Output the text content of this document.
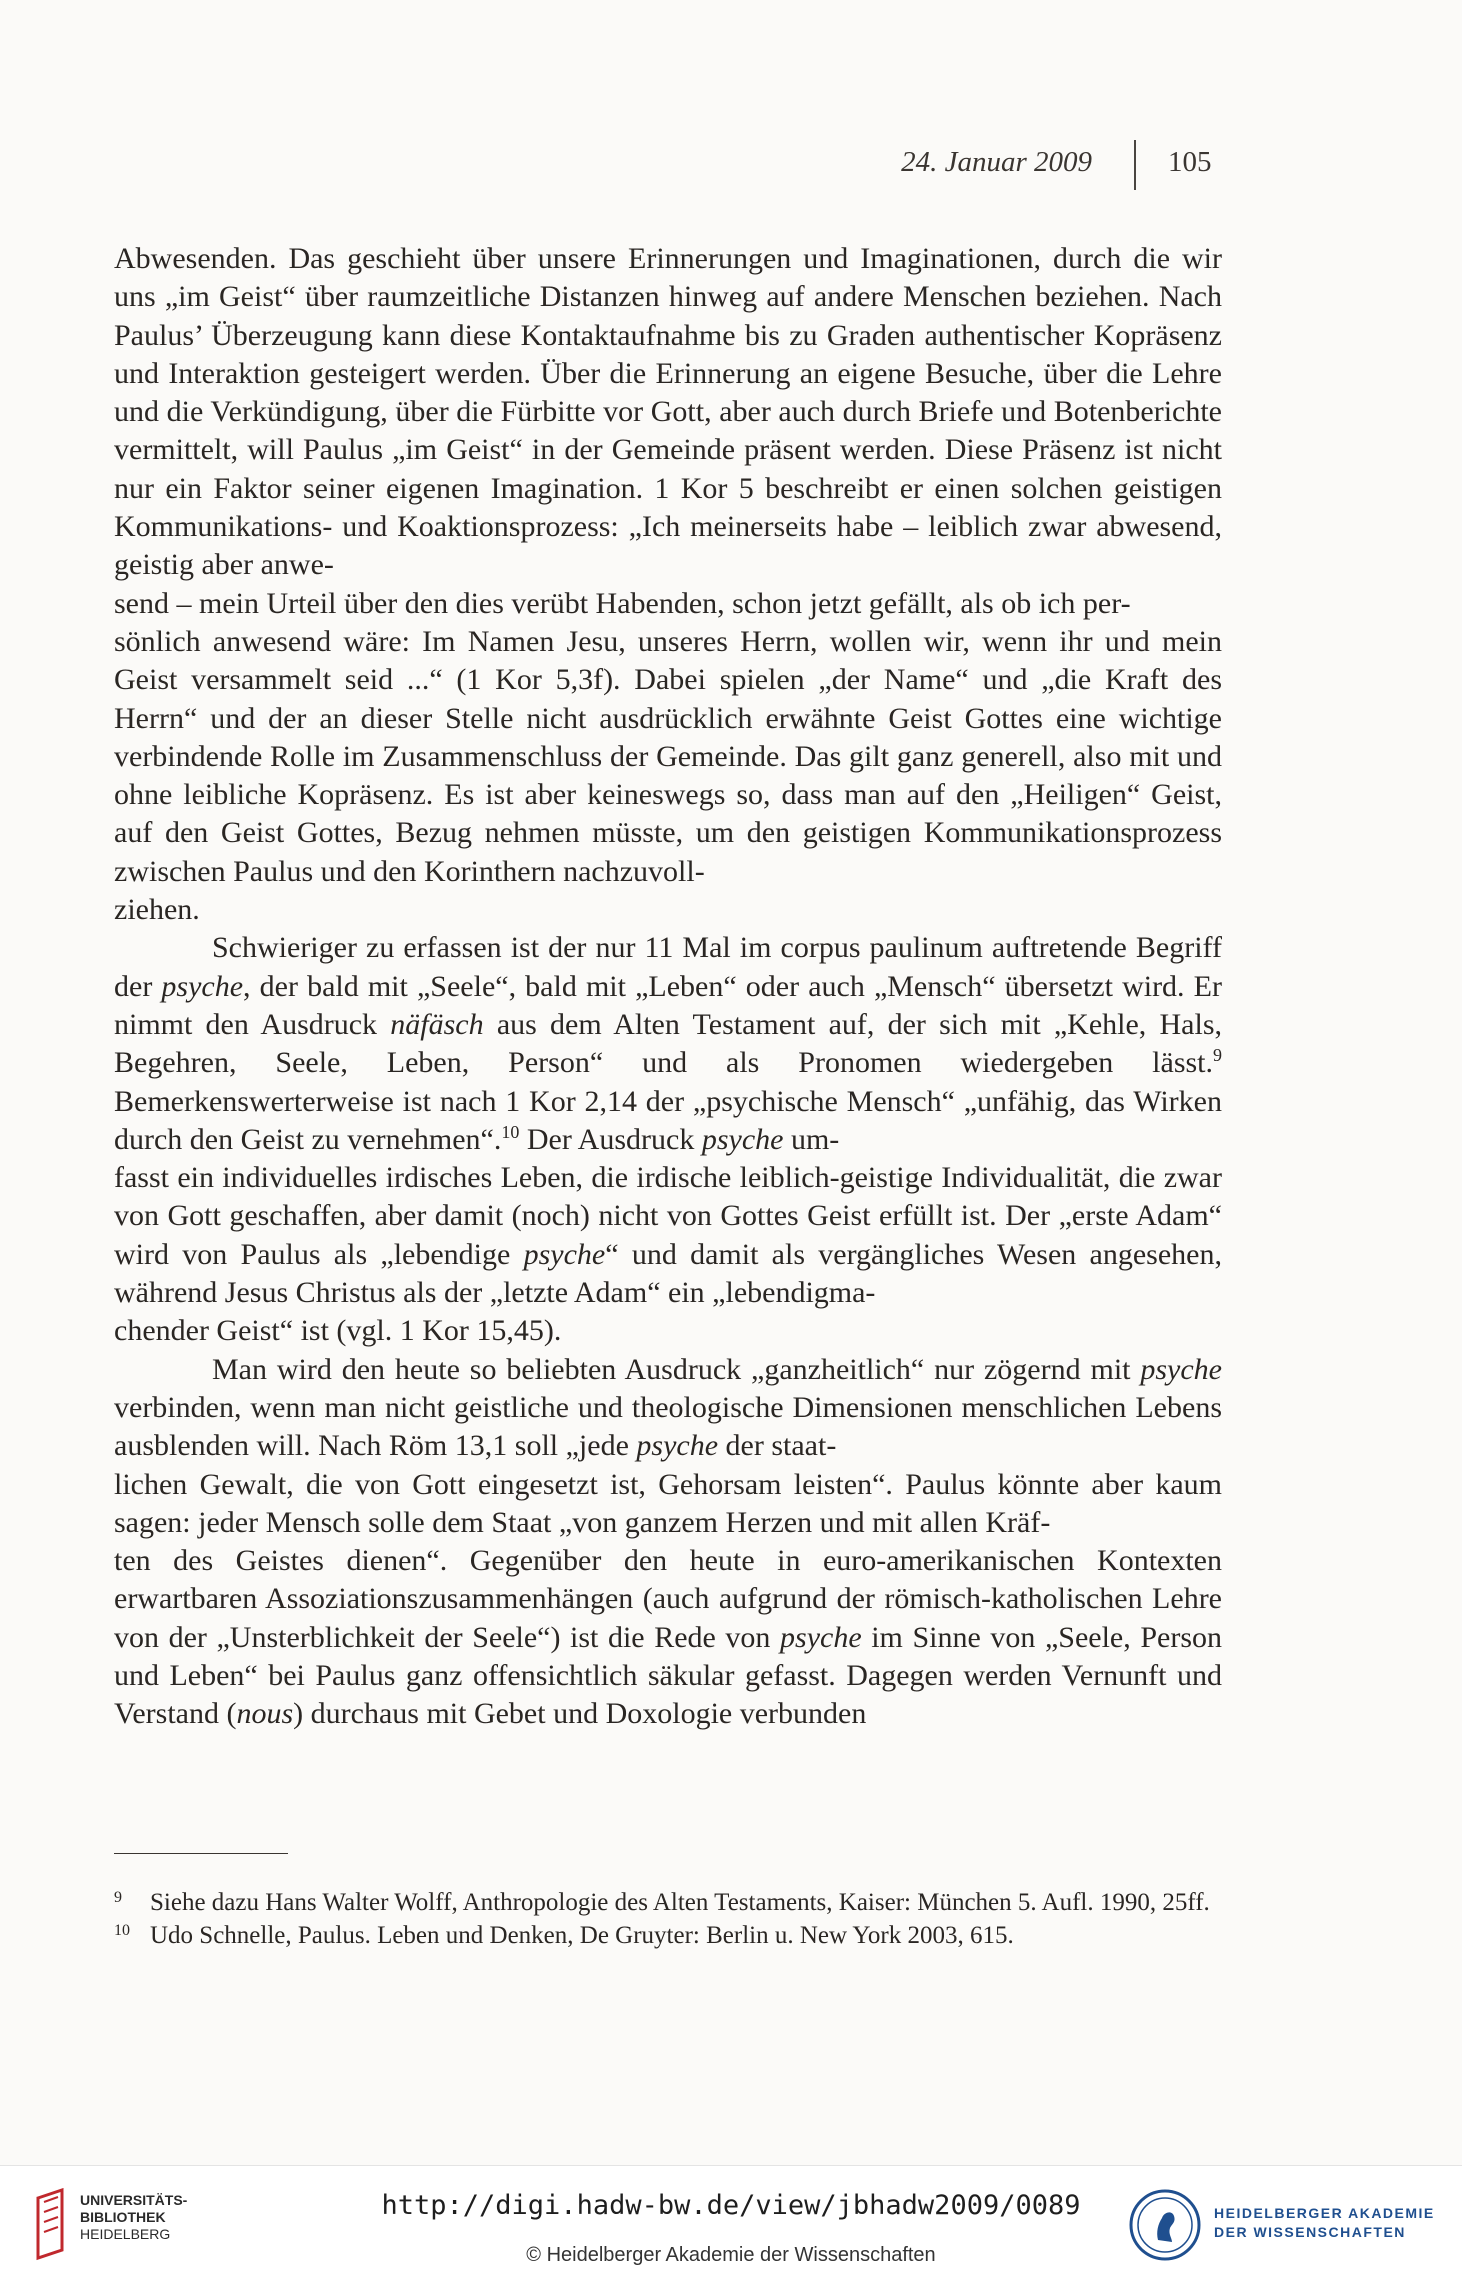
24. Januar 2009	105

Abwesenden. Das geschieht über unsere Erinnerungen und Imaginationen, durch die wir uns „im Geist“ über raumzeitliche Distanzen hinweg auf andere Menschen beziehen. Nach Paulus’ Überzeugung kann diese Kontaktaufnahme bis zu Graden authentischer Kopräsenz und Interaktion gesteigert werden. Über die Erinnerung an eigene Besuche, über die Lehre und die Verkündigung, über die Fürbitte vor Gott, aber auch durch Briefe und Botenberichte vermittelt, will Paulus „im Geist“ in der Gemeinde präsent werden. Diese Präsenz ist nicht nur ein Faktor seiner eigenen Imagination. 1 Kor 5 beschreibt er einen solchen geistigen Kommunikations- und Koaktionsprozess: „Ich meinerseits habe – leiblich zwar abwesend, geistig aber anwe-
send – mein Urteil über den dies verübt Habenden, schon jetzt gefällt, als ob ich per-
sönlich anwesend wäre: Im Namen Jesu, unseres Herrn, wollen wir, wenn ihr und mein Geist versammelt seid ...“ (1 Kor 5,3f). Dabei spielen „der Name“ und „die Kraft des Herrn“ und der an dieser Stelle nicht ausdrücklich erwähnte Geist Gottes eine wichtige verbindende Rolle im Zusammenschluss der Gemeinde. Das gilt ganz generell, also mit und ohne leibliche Kopräsenz. Es ist aber keineswegs so, dass man auf den „Heiligen“ Geist, auf den Geist Gottes, Bezug nehmen müsste, um den geistigen Kommunikationsprozess zwischen Paulus und den Korinthern nachzuvoll-
ziehen.

Schwieriger zu erfassen ist der nur 11 Mal im corpus paulinum auftretende Begriff der psyche, der bald mit „Seele“, bald mit „Leben“ oder auch „Mensch“ übersetzt wird. Er nimmt den Ausdruck näfäsch aus dem Alten Testament auf, der sich mit „Kehle, Hals, Begehren, Seele, Leben, Person“ und als Pronomen wiedergeben lässt.$^9$ Bemerkenswerterweise ist nach 1 Kor 2,14 der „psychische Mensch“ „unfähig, das Wirken durch den Geist zu vernehmen“.$^{10}$ Der Ausdruck psyche um-
fasst ein individuelles irdisches Leben, die irdische leiblich-geistige Individualität, die zwar von Gott geschaffen, aber damit (noch) nicht von Gottes Geist erfüllt ist. Der „erste Adam“ wird von Paulus als „lebendige psyche“ und damit als vergängliches Wesen angesehen, während Jesus Christus als der „letzte Adam“ ein „lebendigma-
chender Geist“ ist (vgl. 1 Kor 15,45).

Man wird den heute so beliebten Ausdruck „ganzheitlich“ nur zögernd mit psyche verbinden, wenn man nicht geistliche und theologische Dimensionen menschlichen Lebens ausblenden will. Nach Röm 13,1 soll „jede psyche der staat-
lichen Gewalt, die von Gott eingesetzt ist, Gehorsam leisten“. Paulus könnte aber kaum sagen: jeder Mensch solle dem Staat „von ganzem Herzen und mit allen Kräf-
ten des Geistes dienen“. Gegenüber den heute in euro-amerikanischen Kontexten erwartbaren Assoziationszusammenhängen (auch aufgrund der römisch-katholischen Lehre von der „Unsterblichkeit der Seele“) ist die Rede von psyche im Sinne von „Seele, Person und Leben“ bei Paulus ganz offensichtlich säkular gefasst. Dagegen werden Vernunft und Verstand (nous) durchaus mit Gebet und Doxologie verbunden

9	Siehe dazu Hans Walter Wolff, Anthropologie des Alten Testaments, Kaiser: München 5. Aufl. 1990, 25ff.
10 Udo Schnelle, Paulus. Leben und Denken, De Gruyter: Berlin u. New York 2003, 615.
UNIVERSITÄTS-
BIBLIOTHEK
HEIDELBERG
http://digi.hadw-bw.de/view/jbhadw2009/0089
© Heidelberger Akademie der Wissenschaften
HEIDELBERGER AKADEMIE
DER WISSENSCHAFTEN
